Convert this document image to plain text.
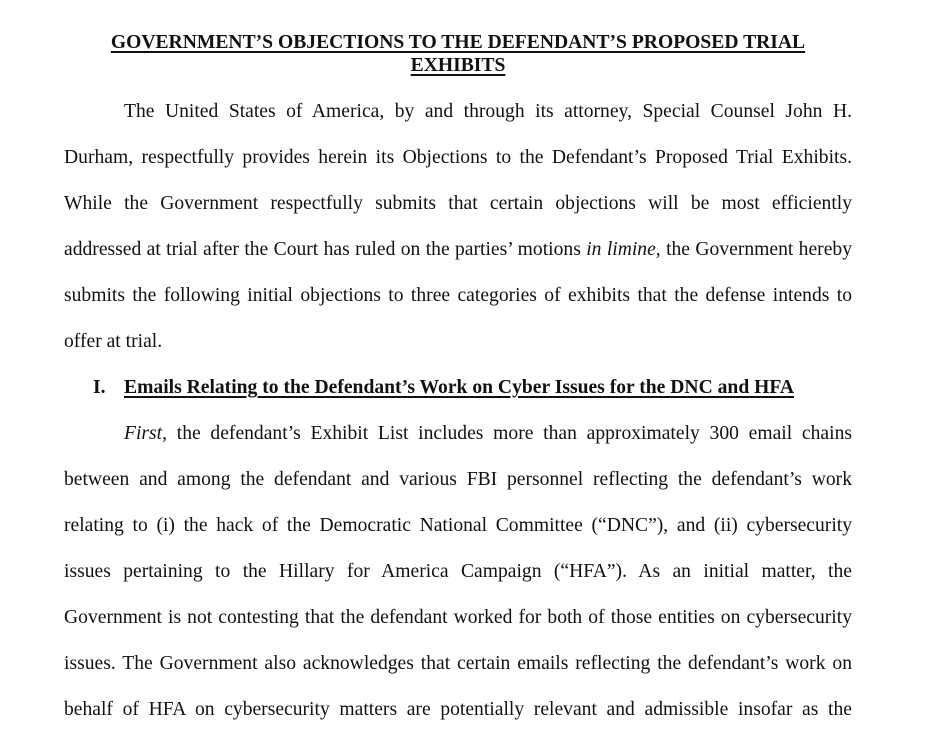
GOVERNMENT’S OBJECTIONS TO THE DEFENDANT’S PROPOSED TRIAL
EXHIBITS
The United States of America, by and through its attorney, Special Counsel John H.
Durham, respectfully provides herein its Objections to the Defendant’s Proposed Trial Exhibits.
While the Government respectfully submits that certain objections will be most efficiently
addressed at trial after the Court has ruled on the parties’ motions in limine, the Government hereby
submits the following initial objections to three categories of exhibits that the defense intends to
offer at trial.
I. Emails Relating to the Defendant’s Work on Cyber Issues for the DNC and HFA
First, the defendant’s Exhibit List includes more than approximately 300 email chains
between and among the defendant and various FBI personnel reflecting the defendant’s work
relating to (i) the hack of the Democratic National Committee (“DNC”), and (ii) cybersecurity
issues pertaining to the Hillary for America Campaign (“HFA”). As an initial matter, the
Government is not contesting that the defendant worked for both of those entities on cybersecurity
issues. The Government also acknowledges that certain emails reflecting the defendant’s work on
behalf of HFA on cybersecurity matters are potentially relevant and admissible insofar as the
